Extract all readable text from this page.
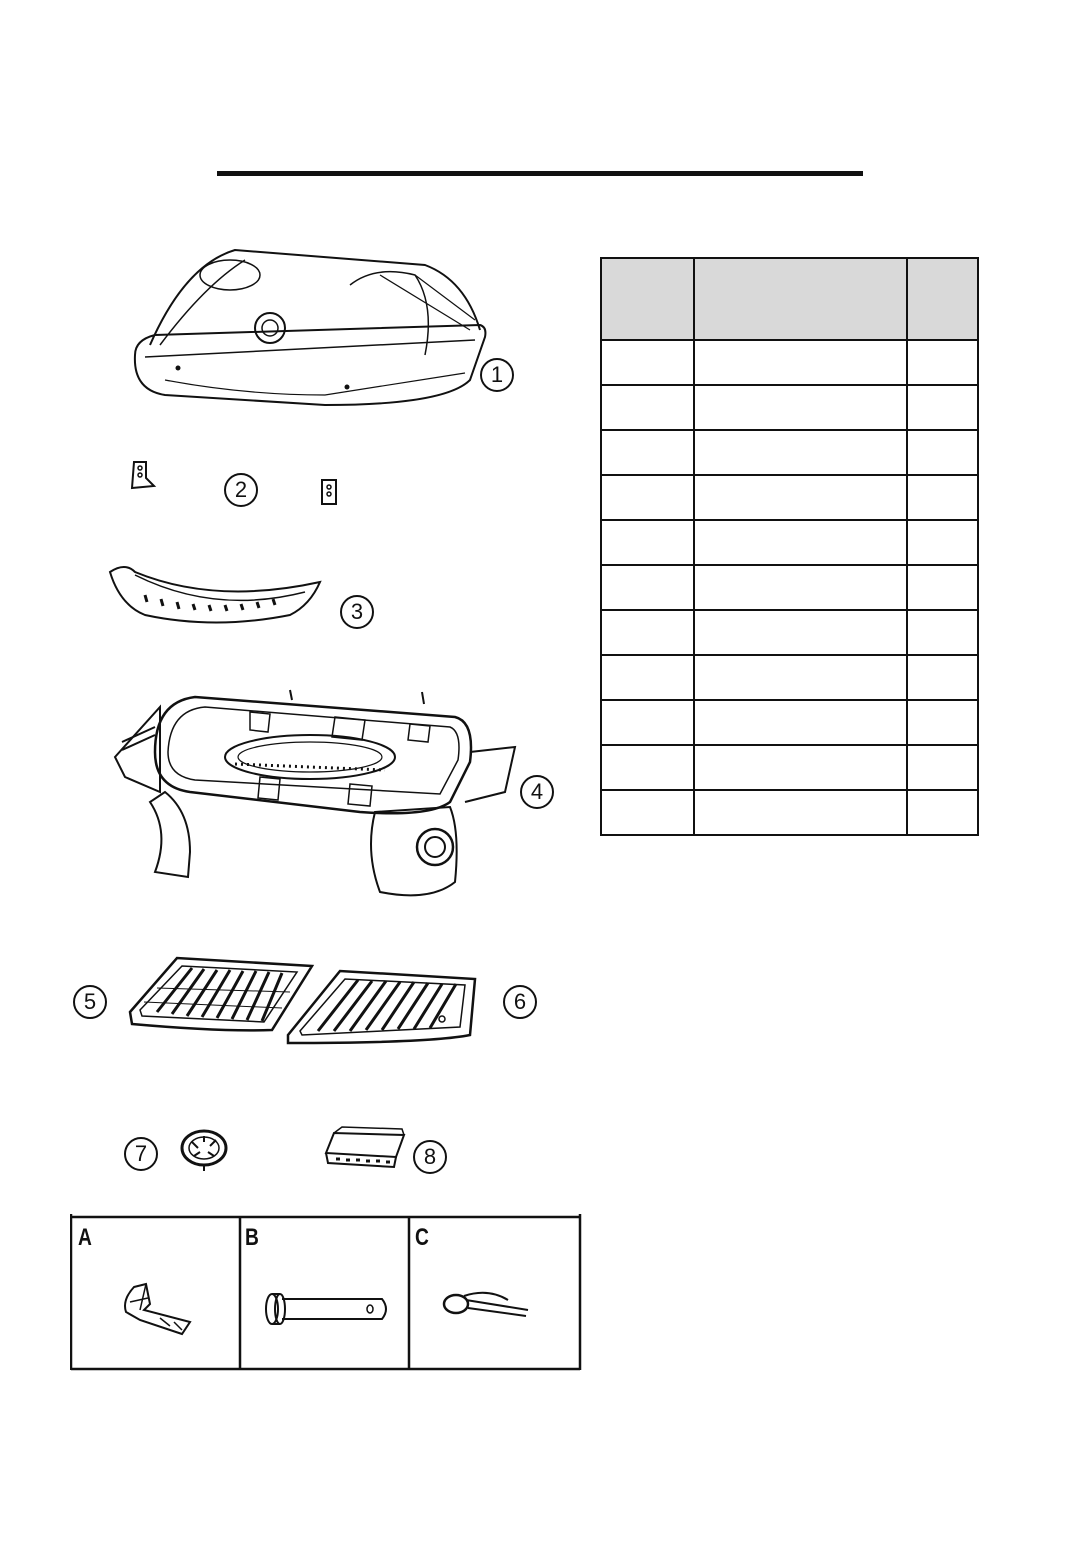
1
2
3
4
5	6
7	8

A	B	C
